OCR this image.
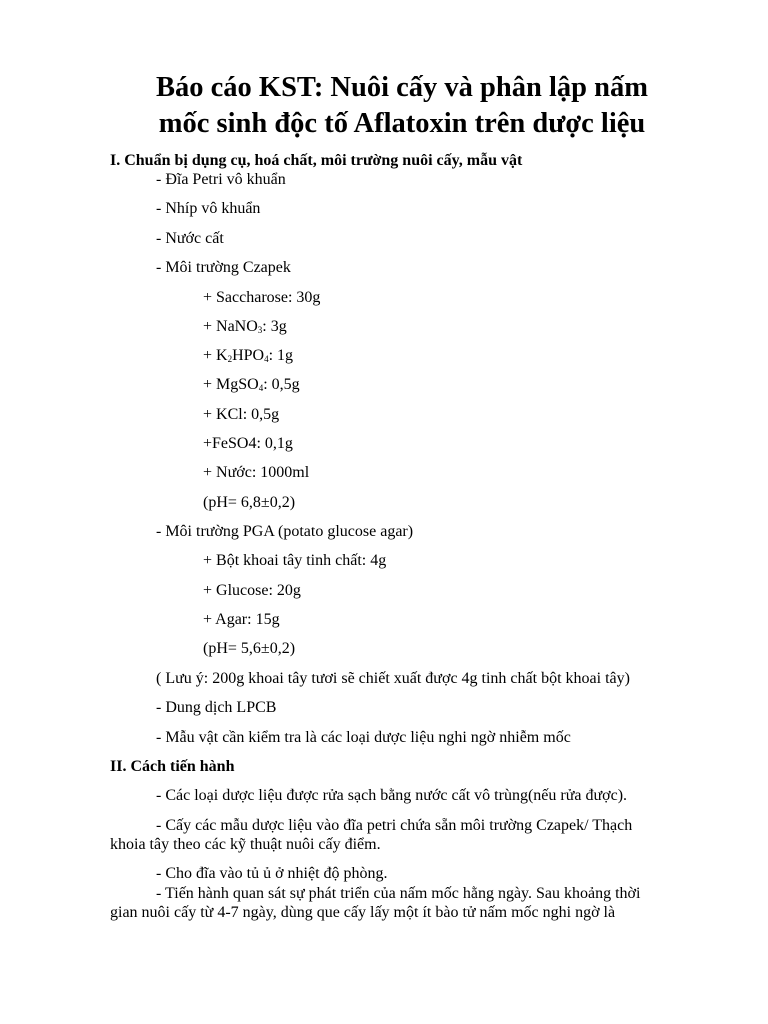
Báo cáo KST: Nuôi cấy và phân lập nấm
mốc sinh độc tố Aflatoxin trên dược liệu
I. Chuẩn bị dụng cụ, hoá chất, môi trường nuôi cấy, mẫu vật
- Đĩa Petri vô khuẩn
- Nhíp vô khuẩn
- Nước cất
- Môi trường Czapek
+ Saccharose: 30g
+ NaNO$_3$: 3g
+ $K_2HPO_4$: 1g
+ MgSO$_4$: 0,5g
+ KCl: 0,5g
+FeSO4: 0,1g
+ Nước: 1000ml
(pH= 6,8±0,2)
- Môi trường PGA (potato glucose agar)
+ Bột khoai tây tinh chất: 4g
+ Glucose: 20g
+ Agar: 15g
(pH= 5,6±0,2)
( Lưu ý: 200g khoai tây tươi sẽ chiết xuất được 4g tinh chất bột khoai tây)
- Dung dịch LPCB
- Mẫu vật cần kiểm tra là các loại dược liệu nghi ngờ nhiễm mốc
II. Cách tiến hành
- Các loại dược liệu được rửa sạch bằng nước cất vô trùng(nếu rửa được).
- Cấy các mẫu dược liệu vào đĩa petri chứa sẵn môi trường Czapek/ Thạch
khoia tây theo các kỹ thuật nuôi cấy điểm.
- Cho đĩa vào tủ ủ ở nhiệt độ phòng.
- Tiến hành quan sát sự phát triển của nấm mốc hằng ngày. Sau khoảng thời
gian nuôi cấy từ 4-7 ngày, dùng que cấy lấy một ít bào tử nấm mốc nghi ngờ là
